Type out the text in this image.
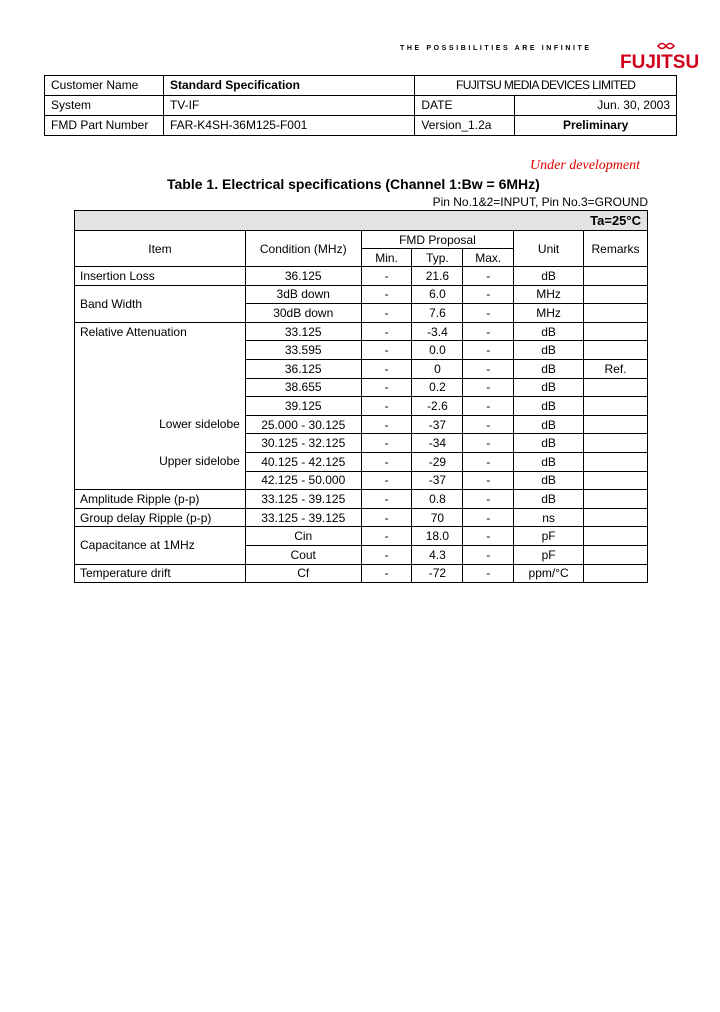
THE POSSIBILITIES ARE INFINITE
FUJITSU
Customer Name	Standard Specification	FUJITSU MEDIA DEVICES LIMITED	
System	TV-IF	DATE	Jun. 30, 2003
FMD Part Number	FAR-K4SH-36M125-F001	Version_1.2a	Preliminary
Under development
Table 1. Electrical specifications (Channel 1:Bw = 6MHz)
Pin No.1&2=INPUT, Pin No.3=GROUND
Ta=25°C						
Item	Condition (MHz)	FMD Proposal			Unit	Remarks
		Min.	Typ.	Max.		
Insertion Loss	36.125	-	21.6	-	dB	
Band Width	3dB down	-	6.0	-	MHz	
	30dB down	-	7.6	-	MHz	
Relative Attenuation	33.125	-	-3.4	-	dB	
	33.595	-	0.0	-	dB	
	36.125	-	0	-	dB	Ref.
	38.655	-	0.2	-	dB	
	39.125	-	-2.6	-	dB	
Lower sidelobe	25.000 - 30.125	-	-37	-	dB	
	30.125 - 32.125	-	-34	-	dB	
Upper sidelobe	40.125 - 42.125	-	-29	-	dB	
	42.125 - 50.000	-	-37	-	dB	
Amplitude Ripple (p-p)	33.125 - 39.125	-	0.8	-	dB	
Group delay Ripple (p-p)	33.125 - 39.125	-	70	-	ns	
Capacitance at 1MHz	Cin	-	18.0	-	pF	
	Cout	-	4.3	-	pF	
Temperature drift	Cf	-	-72	-	ppm/°C	
